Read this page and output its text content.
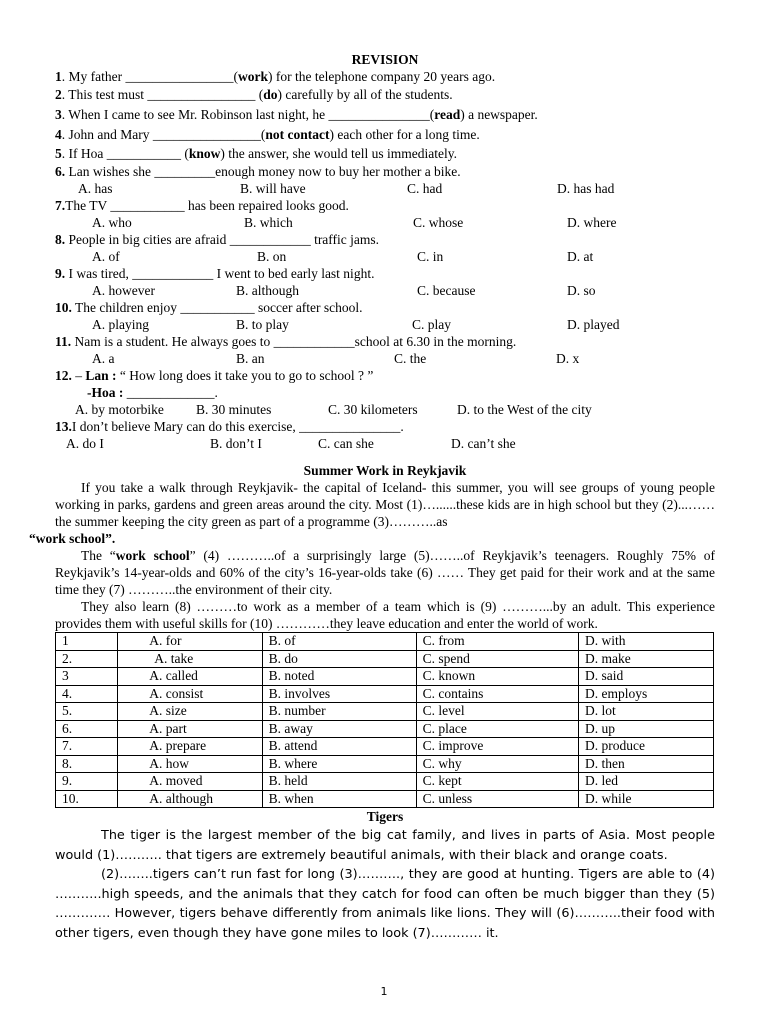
REVISION
1. My father ________________(work) for the telephone company 20 years ago.
2. This test must ________________ (do) carefully by all of the students.
3. When I came to see Mr. Robinson last night, he _______________(read) a newspaper.
4. John and Mary ________________(not contact) each other for a long time.
5. If Hoa ___________ (know) the answer, she would tell us immediately.
6. Lan wishes she _________enough money now to buy her mother a bike.
A. has	B. will have	C. had	D. has had
7.The TV ___________ has been repaired looks good.
A. who	B. which	C. whose	D. where
8. People in big cities are afraid ____________ traffic jams.
A. of	B. on	C. in	D. at
9. I was tired, ____________ I went to bed early last night.
A. however	B. although	C. because	D. so
10. The children enjoy ___________ soccer after school.
A. playing	B. to play	C. play	D. played
11. Nam is a student. He always goes to ____________school at 6.30 in the morning.
A. a	B. an	C. the	D. x
12. – Lan : “ How long does it take you to go to school ? ”
-Hoa : _____________.
A. by motorbike B. 30 minutes	C. 30 kilometers	D. to the West of the city
13.I don’t believe Mary can do this exercise, _______________.
A. do I	B. don’t I	C. can she	D. can’t she
Summer Work in Reykjavik

If you take a walk through Reykjavik- the capital of Iceland- this summer, you will see groups of young people working in parks, gardens and green areas around the city. Most (1)…......these kids are in high school but they (2)...……the summer keeping the city green as part of a programme (3)………..as
“work school”.

The “work school” (4) ………..of a surprisingly large (5)……..of Reykjavik’s teenagers. Roughly 75% of Reykjavik’s 14-year-olds and 60% of the city’s 16-year-olds take (6) …… They get paid for their work and at the same time they (7) ………..the environment of their city.

They also learn (8) ………to work as a member of a team which is (9) ………...by an adult. This experience provides them with useful skills for (10) …………they leave education and enter the world of work.

1	A. for	B. of	C. from	D. with
2.	A. take	B. do	C. spend	D. make
3	A. called	B. noted	C. known	D. said
4.	A. consist	B. involves	C. contains	D. employs
5.	A. size	B. number	C. level	D. lot
6.	A. part	B. away	C. place	D. up
7.	A. prepare	B. attend	C. improve	D. produce
8.	A. how	B. where	C. why	D. then
9.	A. moved	B. held	C. kept	D. led
10.	A. although	B. when	C. unless	D. while
Tigers

The tiger is the largest member of the big cat family, and lives in parts of Asia. Most people would (1)……….. that tigers are extremely beautiful animals, with their black and orange coats.

(2)……..tigers can’t run fast for long (3)………., they are good at hunting. Tigers are able to (4) ………..high speeds, and the animals that they catch for food can often be much bigger than they (5) …………. However, tigers behave differently from animals like lions. They will (6)………..their food with other tigers, even though they have gone miles to look (7)………… it.

1
